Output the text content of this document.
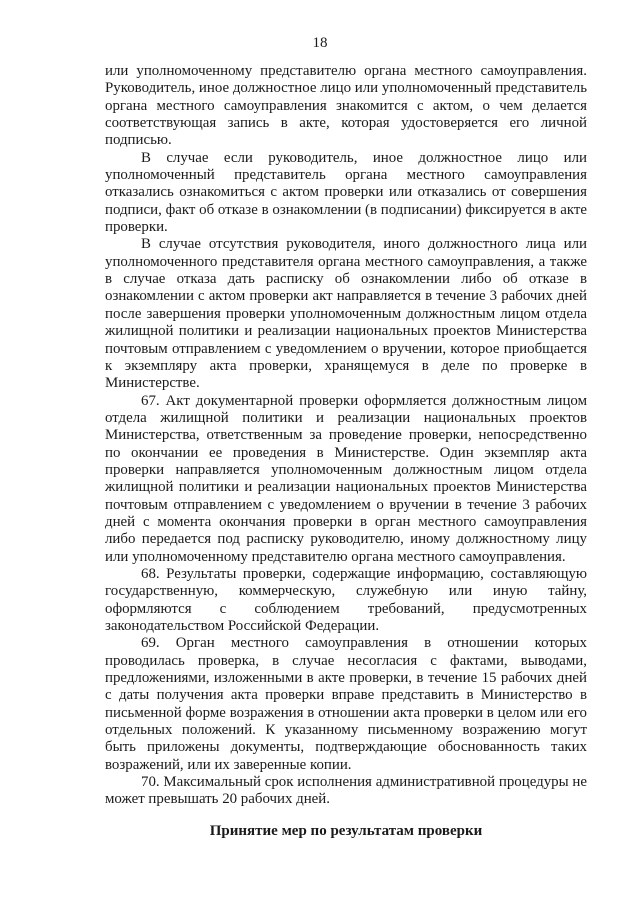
18

или уполномоченному представителю органа местного самоуправления. Руководитель, иное должностное лицо или уполномоченный представитель органа местного самоуправления знакомится с актом, о чем делается соответствующая запись в акте, которая удостоверяется его личной подписью.

В случае если руководитель, иное должностное лицо или уполномоченный представитель органа местного самоуправления отказались ознакомиться с актом проверки или отказались от совершения подписи, факт об отказе в ознакомлении (в подписании) фиксируется в акте проверки.

В случае отсутствия руководителя, иного должностного лица или уполномоченного представителя органа местного самоуправления, а также в случае отказа дать расписку об ознакомлении либо об отказе в ознакомлении с актом проверки акт направляется в течение 3 рабочих дней после завершения проверки уполномоченным должностным лицом отдела жилищной политики и реализации национальных проектов Министерства почтовым отправлением с уведомлением о вручении, которое приобщается к экземпляру акта проверки, хранящемуся в деле по проверке в Министерстве.

67. Акт документарной проверки оформляется должностным лицом отдела жилищной политики и реализации национальных проектов Министерства, ответственным за проведение проверки, непосредственно по окончании ее проведения в Министерстве. Один экземпляр акта проверки направляется уполномоченным должностным лицом отдела жилищной политики и реализации национальных проектов Министерства почтовым отправлением с уведомлением о вручении в течение 3 рабочих дней с момента окончания проверки в орган местного самоуправления либо передается под расписку руководителю, иному должностному лицу или уполномоченному представителю органа местного самоуправления.

68. Результаты проверки, содержащие информацию, составляющую государственную, коммерческую, служебную или иную тайну, оформляются с соблюдением требований, предусмотренных законодательством Российской Федерации.

69. Орган местного самоуправления в отношении которых проводилась проверка, в случае несогласия с фактами, выводами, предложениями, изложенными в акте проверки, в течение 15 рабочих дней с даты получения акта проверки вправе представить в Министерство в письменной форме возражения в отношении акта проверки в целом или его отдельных положений. К указанному письменному возражению могут быть приложены документы, подтверждающие обоснованность таких возражений, или их заверенные копии.

70. Максимальный срок исполнения административной процедуры не может превышать 20 рабочих дней.

Принятие мер по результатам проверки
